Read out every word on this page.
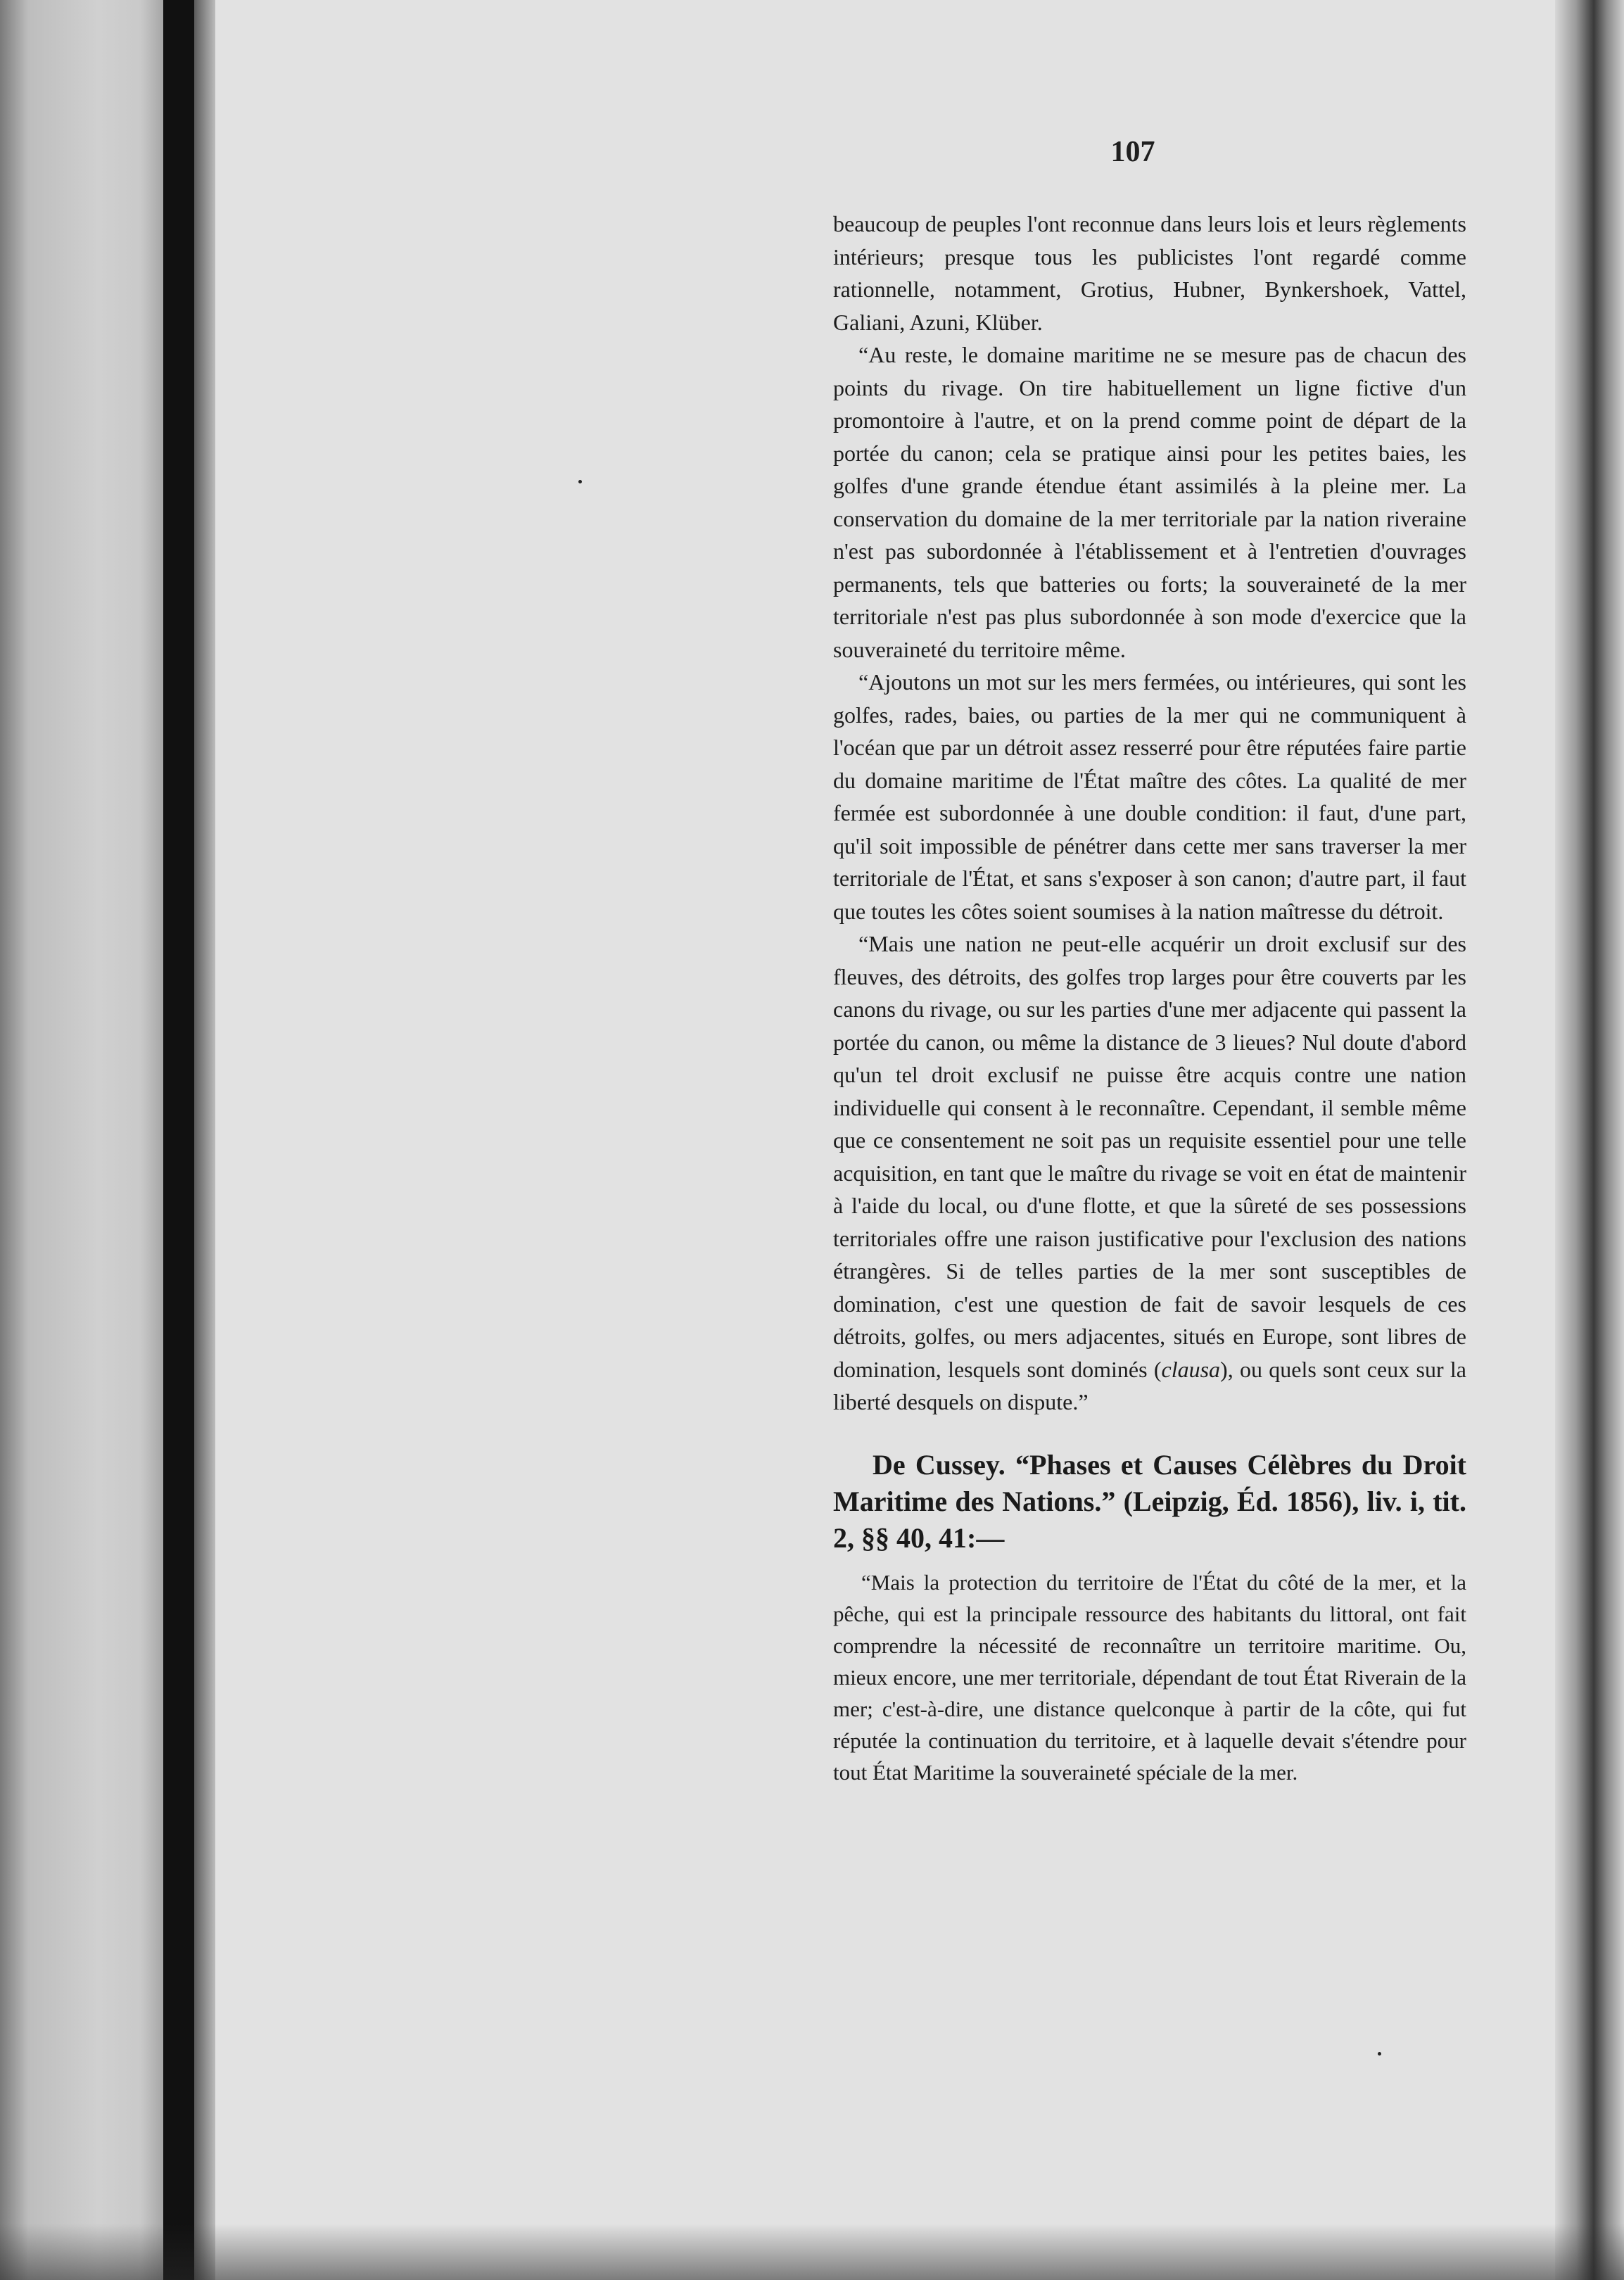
107

beaucoup de peuples l'ont reconnue dans leurs lois et leurs règlements intérieurs; presque tous les publicistes l'ont regardé comme rationnelle, notamment, Grotius, Hubner, Bynkershoek, Vattel, Galiani, Azuni, Klüber.

“Au reste, le domaine maritime ne se mesure pas de chacun des points du rivage. On tire habituellement un ligne fictive d'un promontoire à l'autre, et on la prend comme point de départ de la portée du canon; cela se pratique ainsi pour les petites baies, les golfes d'une grande étendue étant assimilés à la pleine mer. La conservation du domaine de la mer territoriale par la nation riveraine n'est pas subordonnée à l'établissement et à l'entretien d'ouvrages permanents, tels que batteries ou forts; la souveraineté de la mer territoriale n'est pas plus subordonnée à son mode d'exercice que la souveraineté du territoire même.

“Ajoutons un mot sur les mers fermées, ou intérieures, qui sont les golfes, rades, baies, ou parties de la mer qui ne communiquent à l'océan que par un détroit assez resserré pour être réputées faire partie du domaine maritime de l'État maître des côtes. La qualité de mer fermée est subordonnée à une double condition: il faut, d'une part, qu'il soit impossible de pénétrer dans cette mer sans traverser la mer territoriale de l'État, et sans s'exposer à son canon; d'autre part, il faut que toutes les côtes soient soumises à la nation maîtresse du détroit.

“Mais une nation ne peut-elle acquérir un droit exclusif sur des fleuves, des détroits, des golfes trop larges pour être couverts par les canons du rivage, ou sur les parties d'une mer adjacente qui passent la portée du canon, ou même la distance de 3 lieues? Nul doute d'abord qu'un tel droit exclusif ne puisse être acquis contre une nation individuelle qui consent à le reconnaître. Cependant, il semble même que ce consentement ne soit pas un requisite essentiel pour une telle acquisition, en tant que le maître du rivage se voit en état de maintenir à l'aide du local, ou d'une flotte, et que la sûreté de ses possessions territoriales offre une raison justificative pour l'exclusion des nations étrangères. Si de telles parties de la mer sont susceptibles de domination, c'est une question de fait de savoir lesquels de ces détroits, golfes, ou mers adjacentes, situés en Europe, sont libres de domination, lesquels sont dominés (clausa), ou quels sont ceux sur la liberté desquels on dispute.”

De Cussey. “Phases et Causes Célèbres du Droit Maritime des Nations.” (Leipzig, Éd. 1856), liv. i, tit. 2, §§ 40, 41:—

“Mais la protection du territoire de l'État du côté de la mer, et la pêche, qui est la principale ressource des habitants du littoral, ont fait comprendre la nécessité de reconnaître un territoire maritime. Ou, mieux encore, une mer territoriale, dépendant de tout État Riverain de la mer; c'est-à-dire, une distance quelconque à partir de la côte, qui fut réputée la continuation du territoire, et à laquelle devait s'étendre pour tout État Maritime la souveraineté spéciale de la mer.
